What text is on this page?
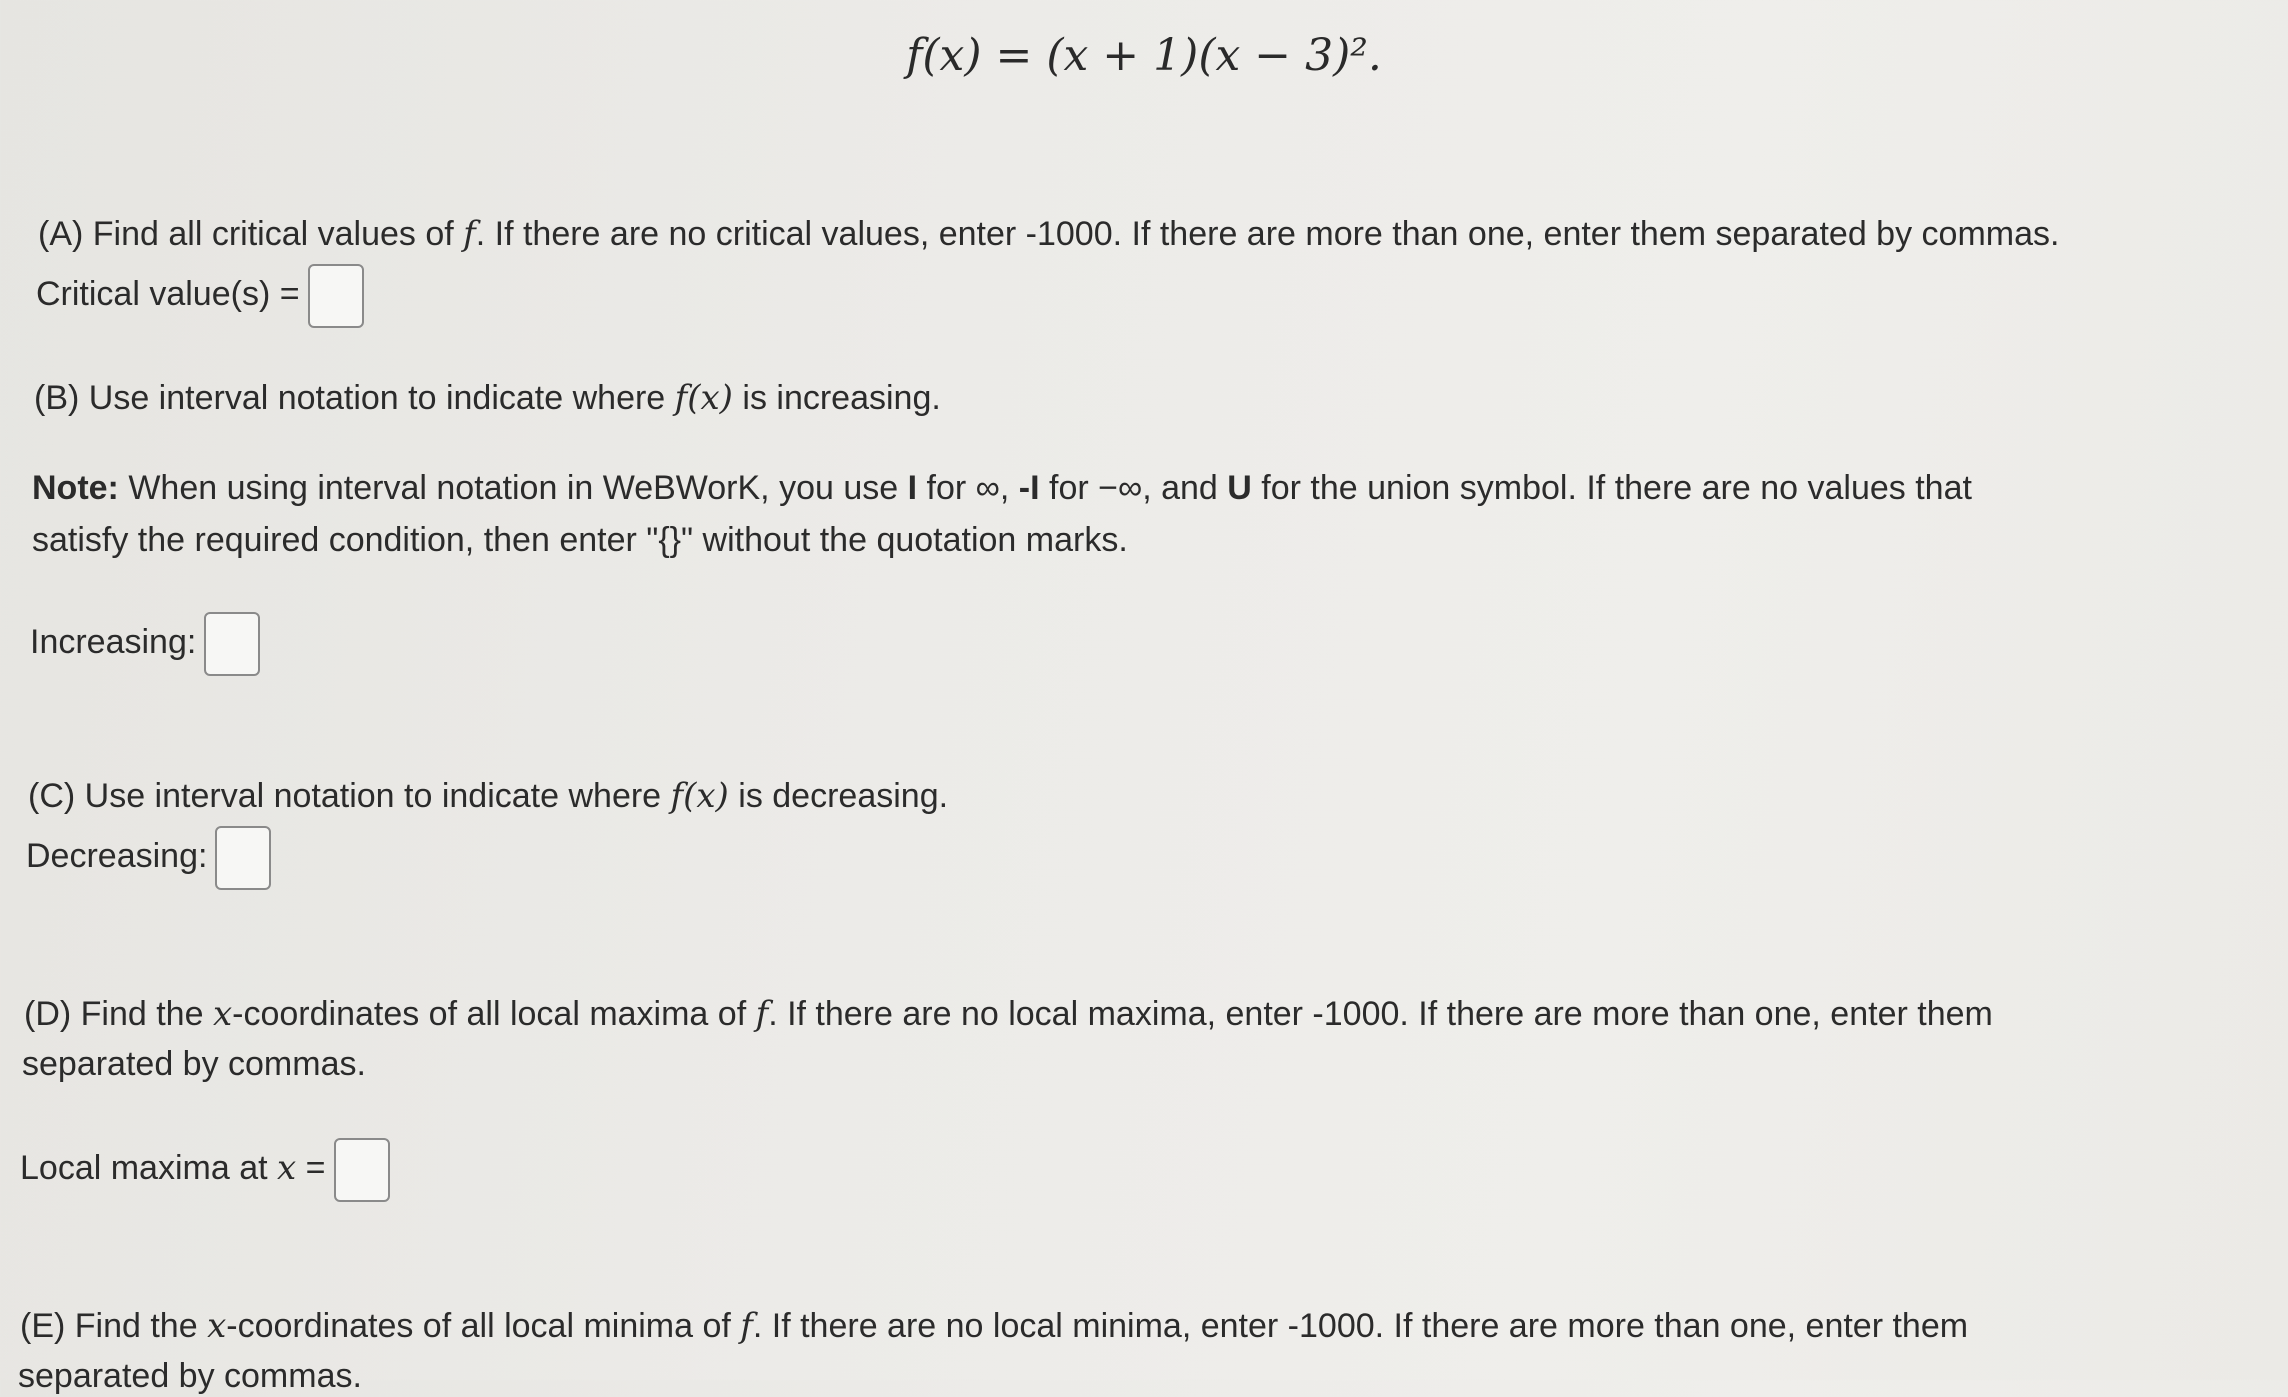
f(x) = (x + 1)(x − 3)².
(A) Find all critical values of f. If there are no critical values, enter -1000. If there are more than one, enter them separated by commas.
Critical value(s) =
(B) Use interval notation to indicate where f(x) is increasing.
Note: When using interval notation in WeBWorK, you use I for ∞, -I for −∞, and U for the union symbol. If there are no values that
satisfy the required condition, then enter "{}" without the quotation marks.
Increasing:
(C) Use interval notation to indicate where f(x) is decreasing.
Decreasing:
(D) Find the x-coordinates of all local maxima of f. If there are no local maxima, enter -1000. If there are more than one, enter them
separated by commas.
Local maxima at x =
(E) Find the x-coordinates of all local minima of f. If there are no local minima, enter -1000. If there are more than one, enter them
separated by commas.
